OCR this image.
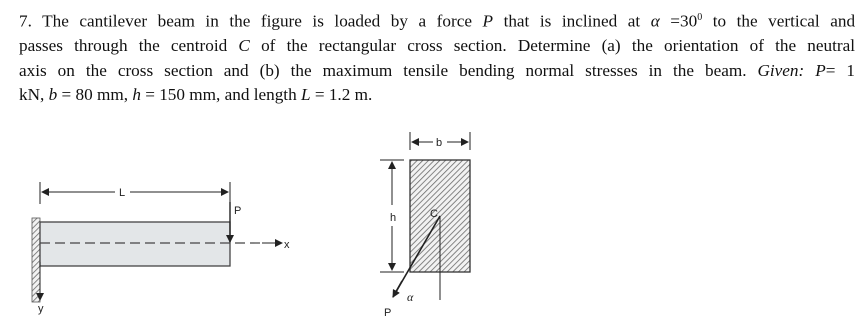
7. The cantilever beam in the figure is loaded by a force P that is inclined at $\alpha =30^0$ to the vertical and
passes through the centroid C of the rectangular cross section. Determine (a) the orientation of the neutral
axis on the cross section and (b) the maximum tensile bending normal stresses in the beam. Given: P= 1
kN, b = 80 mm, h = 150 mm, and length L = 1.2 m.
x
y
L
P
b
h	C
α
P
